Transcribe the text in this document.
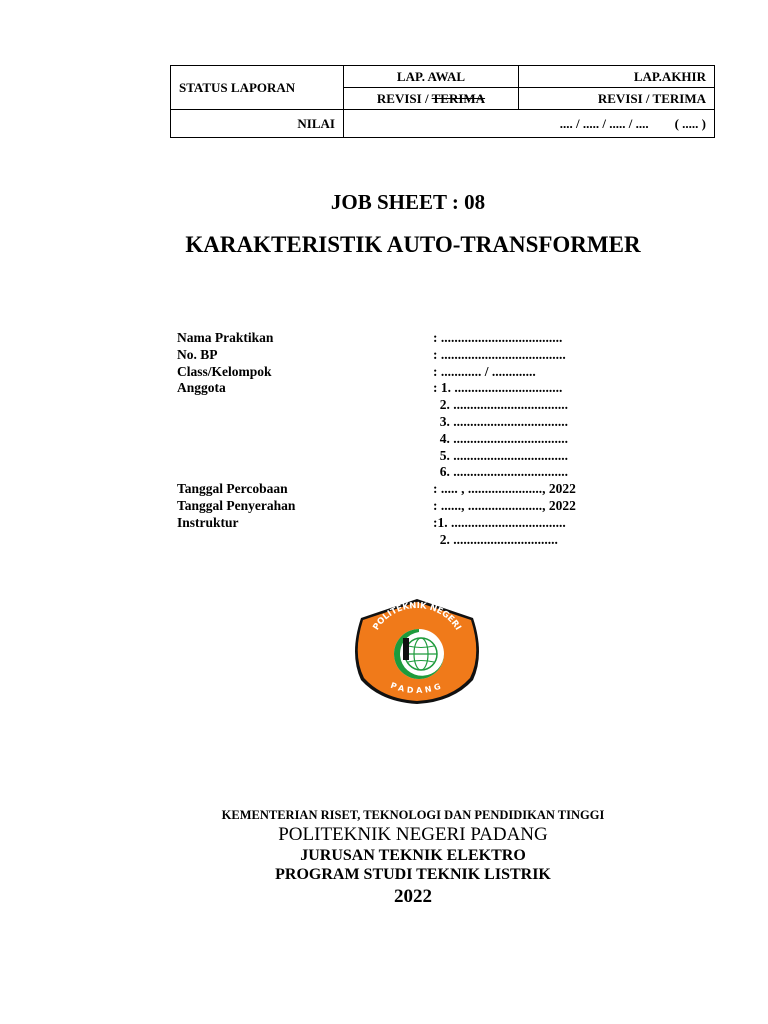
STATUS LAPORAN	LAP. AWAL	LAP.AKHIR
	REVISI / TERIMA	REVISI / TERIMA
NILAI	.... / ..... / ..... / ....        ( ..... )	
JOB SHEET : 08
KARAKTERISTIK AUTO-TRANSFORMER
Nama Praktikan	: ....................................
No. BP	: .....................................
Class/Kelompok	: ............ / .............
Anggota	: 1. ................................
2. ..................................
3. ..................................
4. ..................................
5. ..................................
6. ..................................
Tanggal Percobaan	: ..... , ......................, 2022
Tanggal Penyerahan	: ......, ......................, 2022
Instruktur	:1. ..................................
2. ...............................
POLITEKNIK NEGERI
PADANG
KEMENTERIAN RISET, TEKNOLOGI DAN PENDIDIKAN TINGGI
POLITEKNIK NEGERI PADANG
JURUSAN TEKNIK ELEKTRO
PROGRAM STUDI TEKNIK LISTRIK
2022
